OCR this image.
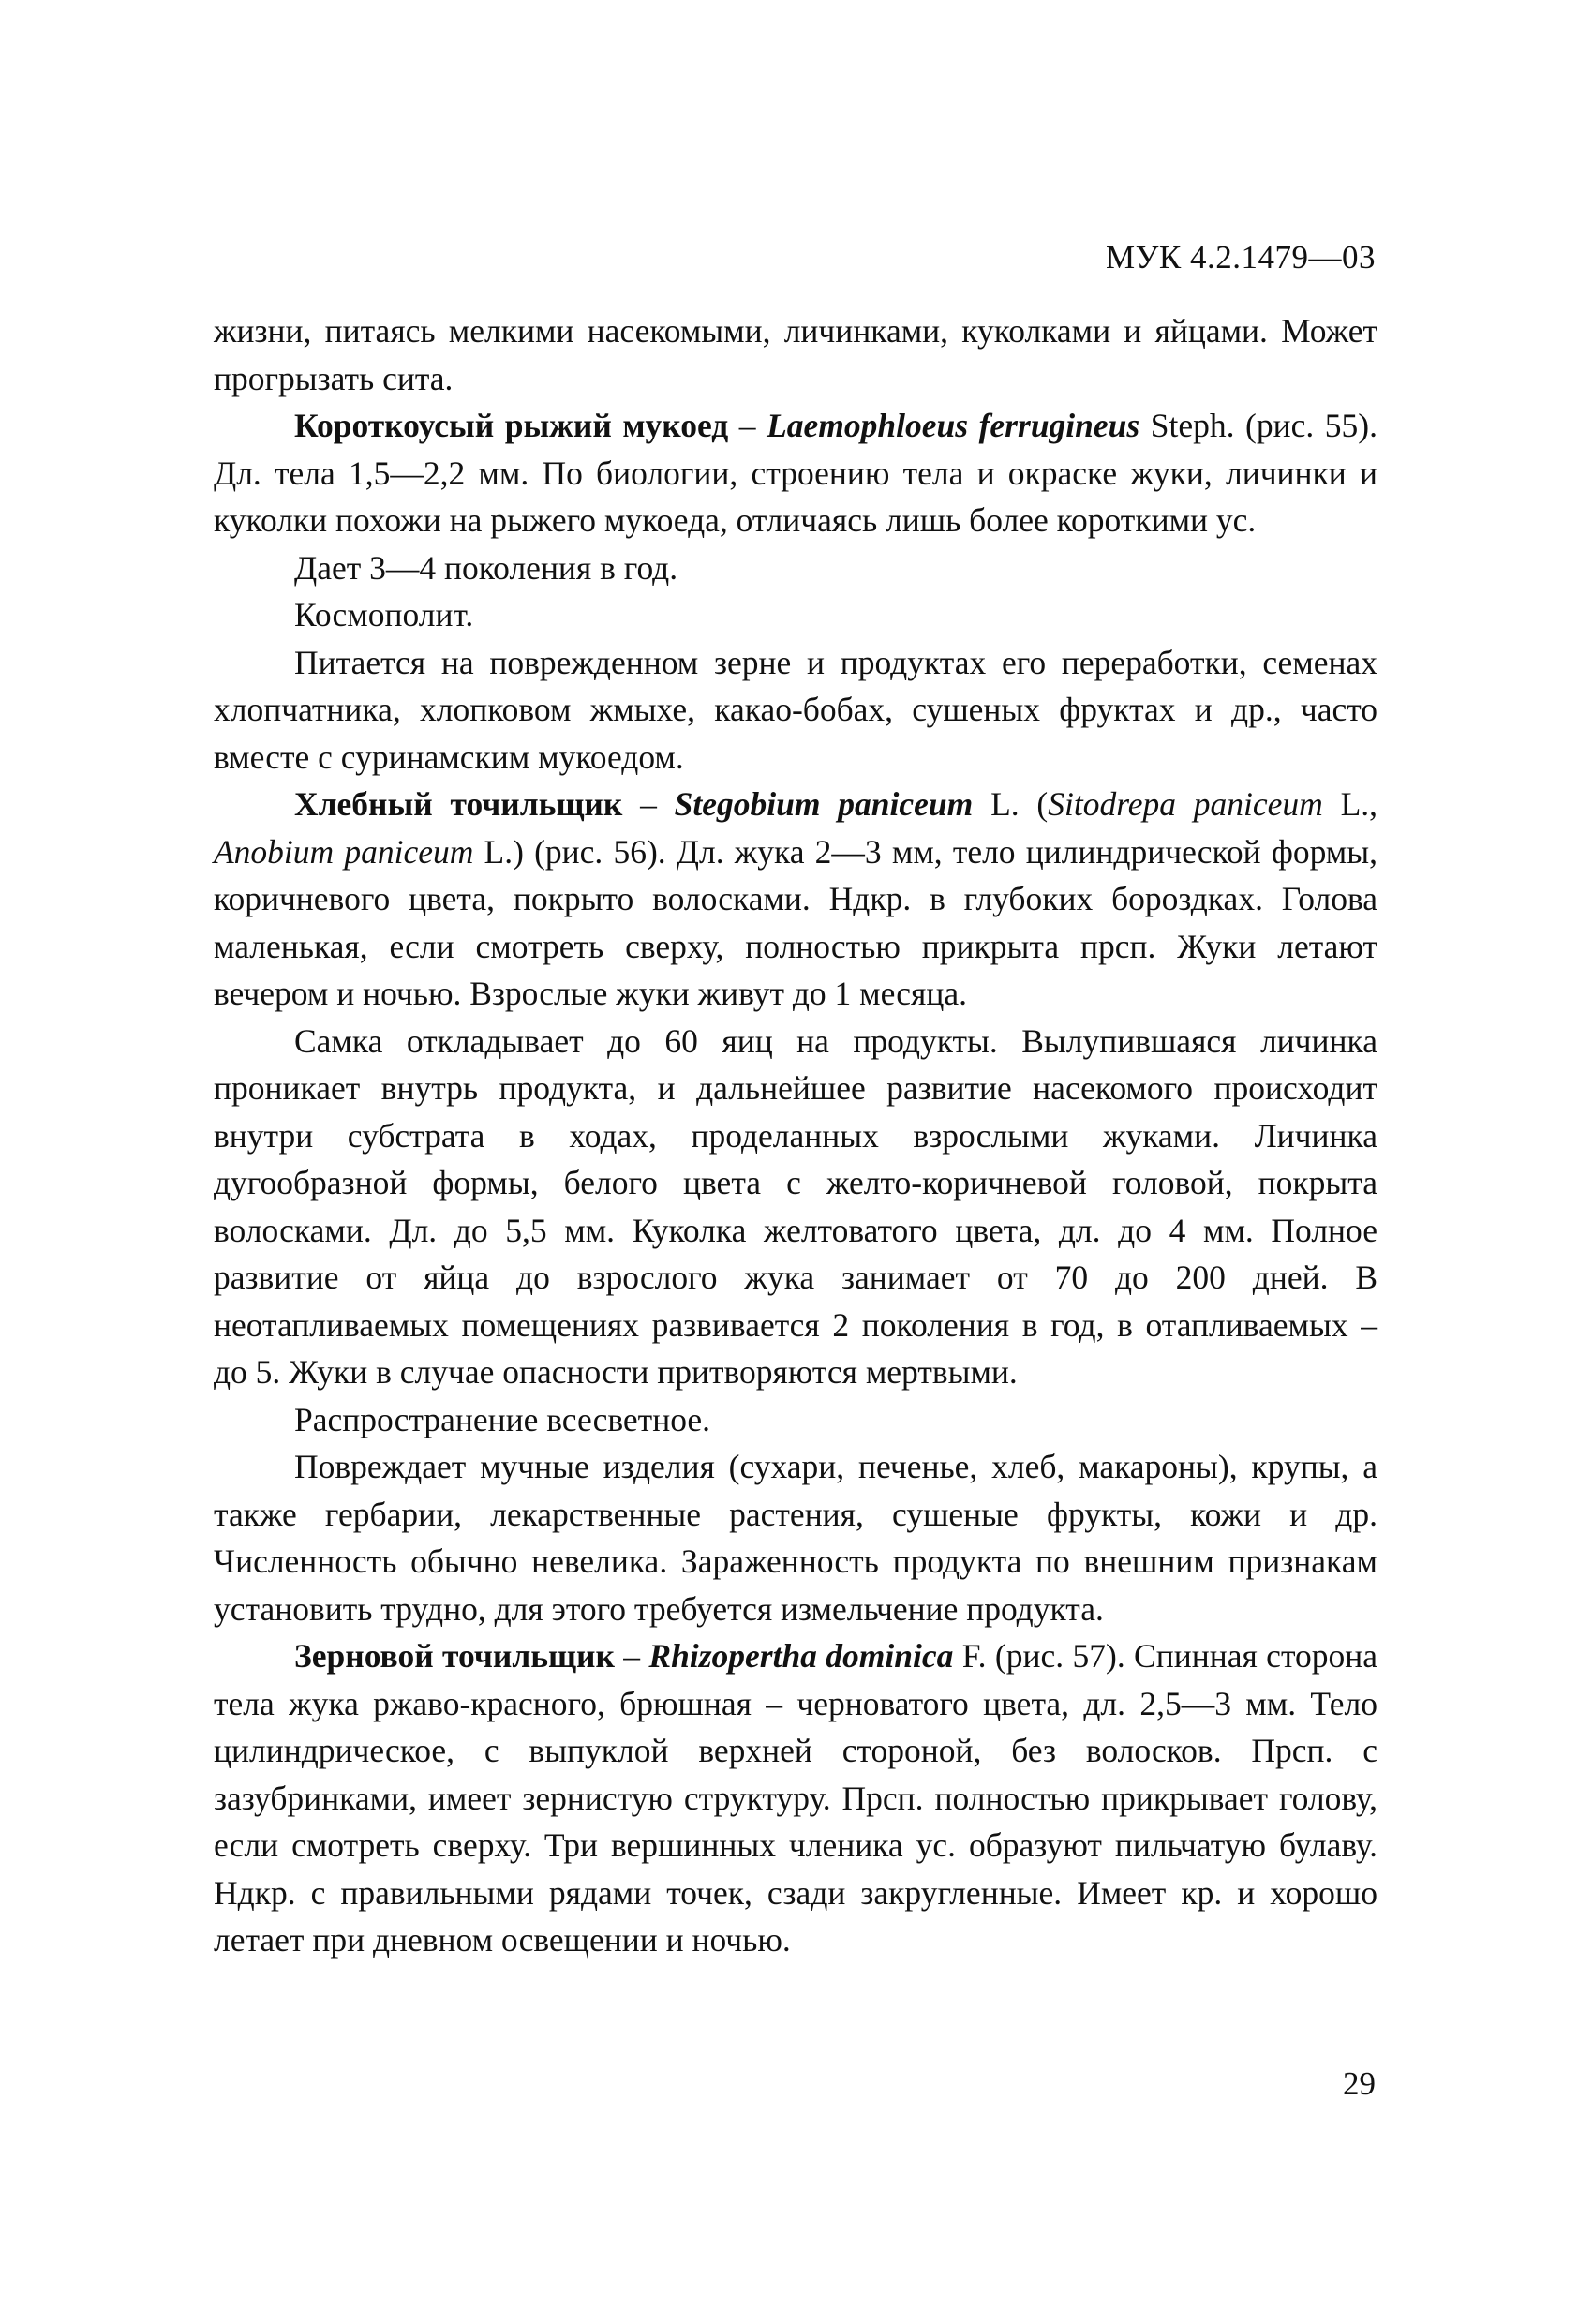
МУК 4.2.1479—03

жизни, питаясь мелкими насекомыми, личинками, куколками и яйцами. Может прогрызать сита.

Короткоусый рыжий мукоед – Laemophloeus ferrugineus Steph. (рис. 55). Дл. тела 1,5—2,2 мм. По биологии, строению тела и окраске жуки, личинки и куколки похожи на рыжего мукоеда, отличаясь лишь более короткими ус.

Дает 3—4 поколения в год.

Космополит.

Питается на поврежденном зерне и продуктах его переработки, семенах хлопчатника, хлопковом жмыхе, какао-бобах, сушеных фруктах и др., часто вместе с суринамским мукоедом.

Хлебный точильщик – Stegobium paniceum L. (Sitodrepa paniceum L., Anobium paniceum L.) (рис. 56). Дл. жука 2—3 мм, тело цилиндрической формы, коричневого цвета, покрыто волосками. Ндкр. в глубоких бороздках. Голова маленькая, если смотреть сверху, полностью прикрыта прсп. Жуки летают вечером и ночью. Взрослые жуки живут до 1 месяца.

Самка откладывает до 60 яиц на продукты. Вылупившаяся личинка проникает внутрь продукта, и дальнейшее развитие насекомого происходит внутри субстрата в ходах, проделанных взрослыми жуками. Личинка дугообразной формы, белого цвета с желто-коричневой головой, покрыта волосками. Дл. до 5,5 мм. Куколка желтоватого цвета, дл. до 4 мм. Полное развитие от яйца до взрослого жука занимает от 70 до 200 дней. В неотапливаемых помещениях развивается 2 поколения в год, в отапливаемых – до 5. Жуки в случае опасности притворяются мертвыми.

Распространение всесветное.

Повреждает мучные изделия (сухари, печенье, хлеб, макароны), крупы, а также гербарии, лекарственные растения, сушеные фрукты, кожи и др. Численность обычно невелика. Зараженность продукта по внешним признакам установить трудно, для этого требуется измельчение продукта.

Зерновой точильщик – Rhizopertha dominica F. (рис. 57). Спинная сторона тела жука ржаво-красного, брюшная – черноватого цвета, дл. 2,5—3 мм. Тело цилиндрическое, с выпуклой верхней стороной, без волосков. Прсп. с зазубринками, имеет зернистую структуру. Прсп. полностью прикрывает голову, если смотреть сверху. Три вершинных членика ус. образуют пильчатую булаву. Ндкр. с правильными рядами точек, сзади закругленные. Имеет кр. и хорошо летает при дневном освещении и ночью.

29
